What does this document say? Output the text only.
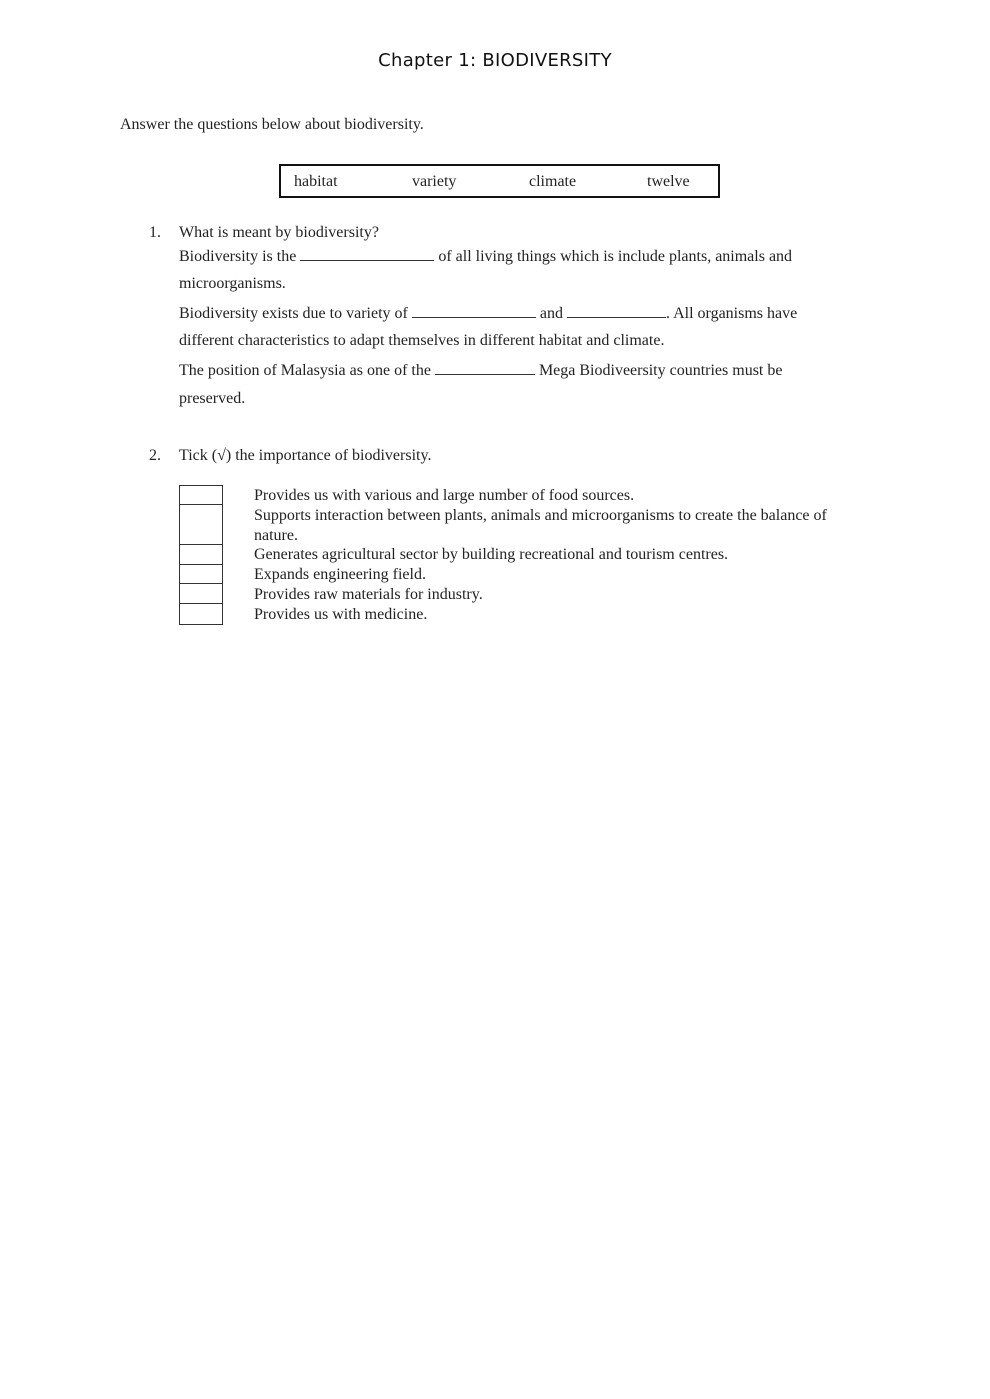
Chapter 1: BIODIVERSITY
Answer the questions below about biodiversity.
habitat	variety	climate	twelve
1. What is meant by biodiversity?
Biodiversity is the	of all living things which is include plants, animals and
microorganisms.
Biodiversity exists due to variety of	and	. All organisms have
different characteristics to adapt themselves in different habitat and climate.
The position of Malasysia as one of the	Mega Biodiveersity countries must be
preserved.
2. Tick (√) the importance of biodiversity.
Provides us with various and large number of food sources.
Supports interaction between plants, animals and microorganisms to create the balance of nature.
Generates agricultural sector by building recreational and tourism centres.
Expands engineering field.
Provides raw materials for industry.
Provides us with medicine.
